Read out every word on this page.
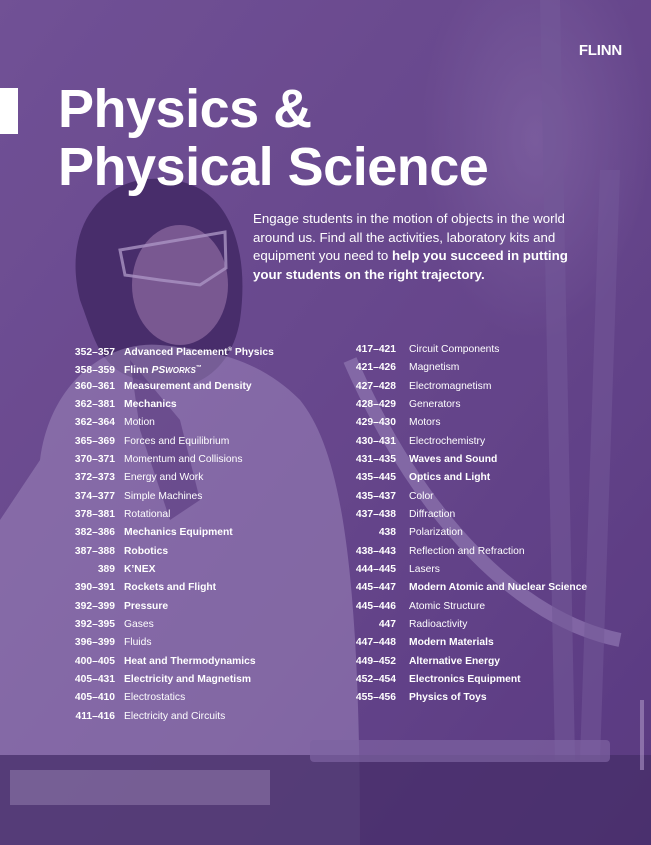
FLINN
Physics &
Physical Science

Engage students in the motion of objects in the world around us. Find all the activities, laboratory kits and equipment you need to help you succeed in putting your students on the right trajectory.

352–357 Advanced Placement® Physics
358–359 Flinn PSWORKS™
360–361 Measurement and Density
362–381 Mechanics
362–364 Motion
365–369 Forces and Equilibrium
370–371 Momentum and Collisions
372–373 Energy and Work
374–377 Simple Machines
378–381 Rotational
382–386 Mechanics Equipment
387–388 Robotics
389 K’NEX
390–391 Rockets and Flight
392–399 Pressure
392–395 Gases
396–399 Fluids
400–405 Heat and Thermodynamics
405–431 Electricity and Magnetism
405–410 Electrostatics
411–416 Electricity and Circuits
417–421 Circuit Components
421–426 Magnetism
427–428 Electromagnetism
428–429 Generators
429–430 Motors
430–431 Electrochemistry
431–435 Waves and Sound
435–445 Optics and Light
435–437 Color
437–438 Diffraction
438 Polarization
438–443 Reflection and Refraction
444–445 Lasers
445–447 Modern Atomic and Nuclear Science
445–446 Atomic Structure
447 Radioactivity
447–448 Modern Materials
449–452 Alternative Energy
452–454 Electronics Equipment
455–456 Physics of Toys
